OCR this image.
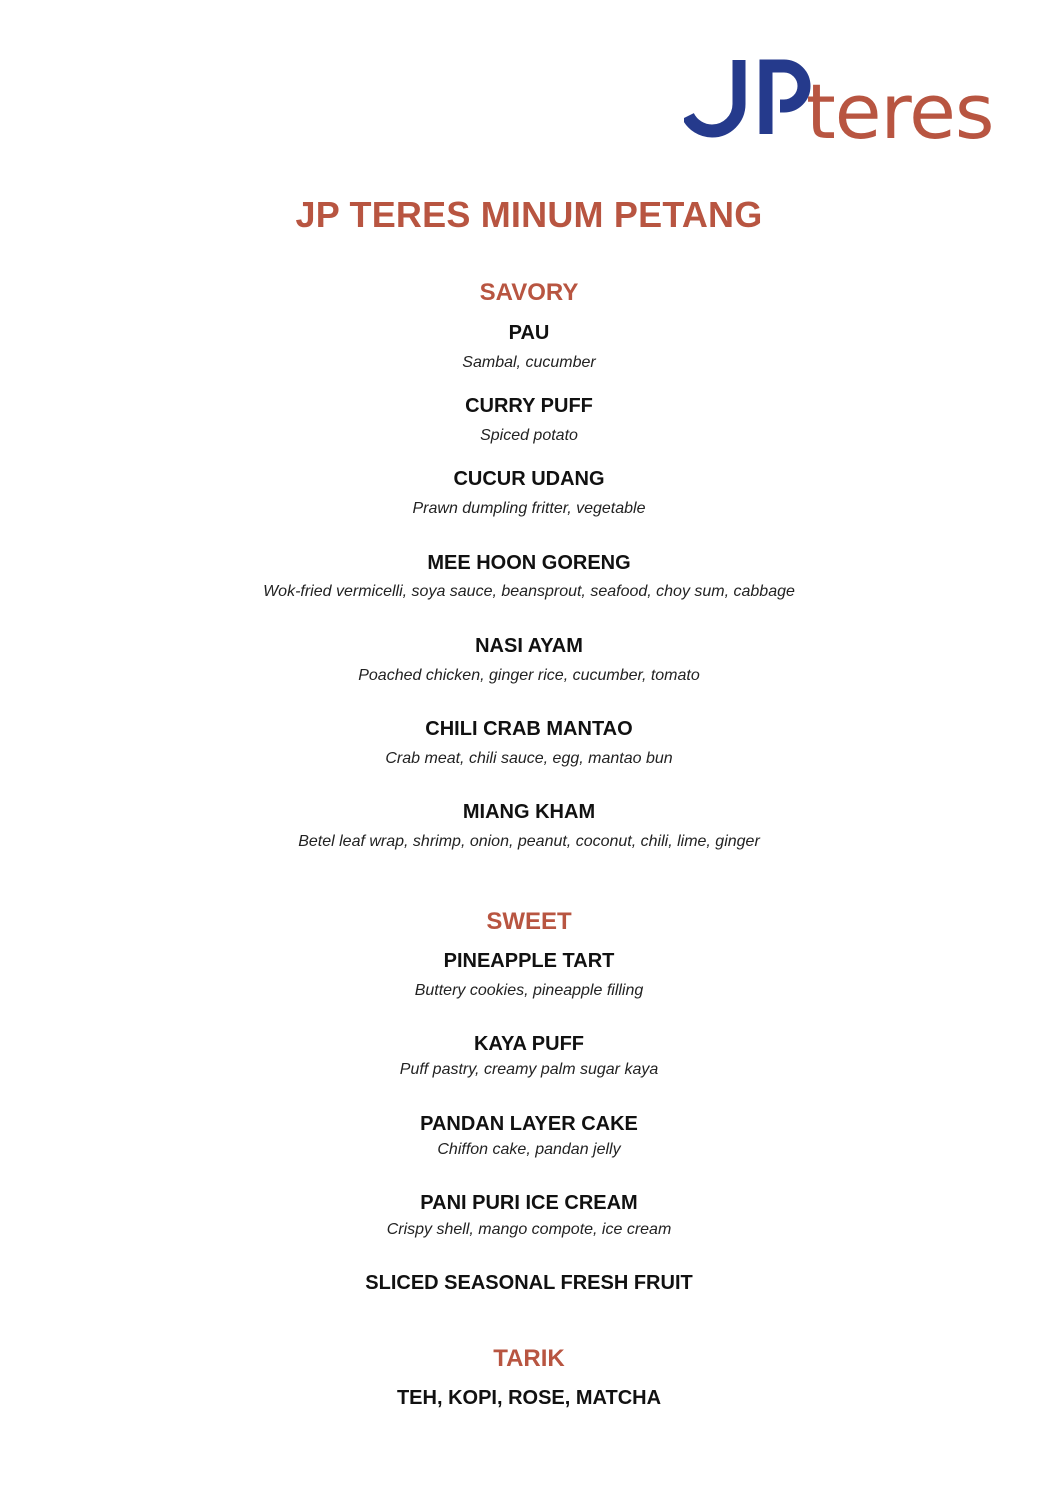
teres
JP TERES MINUM PETANG
SAVORY
PAU
Sambal, cucumber
CURRY PUFF
Spiced potato
CUCUR UDANG
Prawn dumpling fritter, vegetable
MEE HOON GORENG
Wok-fried vermicelli, soya sauce, beansprout, seafood, choy sum, cabbage
NASI AYAM
Poached chicken, ginger rice, cucumber, tomato
CHILI CRAB MANTAO
Crab meat, chili sauce, egg, mantao bun
MIANG KHAM
Betel leaf wrap, shrimp, onion, peanut, coconut, chili, lime, ginger
SWEET
PINEAPPLE TART
Buttery cookies, pineapple filling
KAYA PUFF
Puff pastry, creamy palm sugar kaya
PANDAN LAYER CAKE
Chiffon cake, pandan jelly
PANI PURI ICE CREAM
Crispy shell, mango compote, ice cream
SLICED SEASONAL FRESH FRUIT
TARIK
TEH, KOPI, ROSE, MATCHA
